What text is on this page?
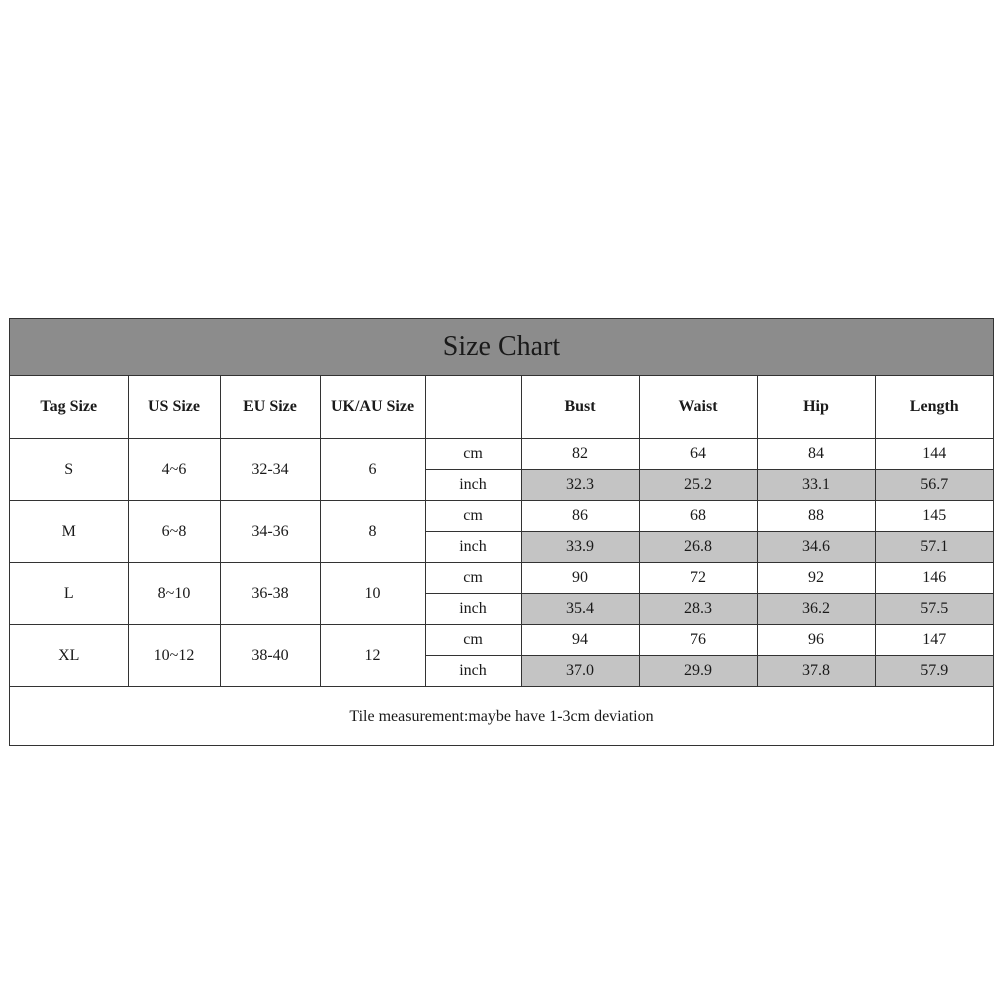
Size Chart
Tag Size	US Size	EU Size	UK/AU Size		Bust	Waist	Hip	Length
S	4~6	32-34	6	cm	82	64	84	144
				inch	32.3	25.2	33.1	56.7
M	6~8	34-36	8	cm	86	68	88	145
				inch	33.9	26.8	34.6	57.1
L	8~10	36-38	10	cm	90	72	92	146
				inch	35.4	28.3	36.2	57.5
XL	10~12	38-40	12	cm	94	76	96	147
				inch	37.0	29.9	37.8	57.9
Tile measurement:maybe have 1-3cm deviation
